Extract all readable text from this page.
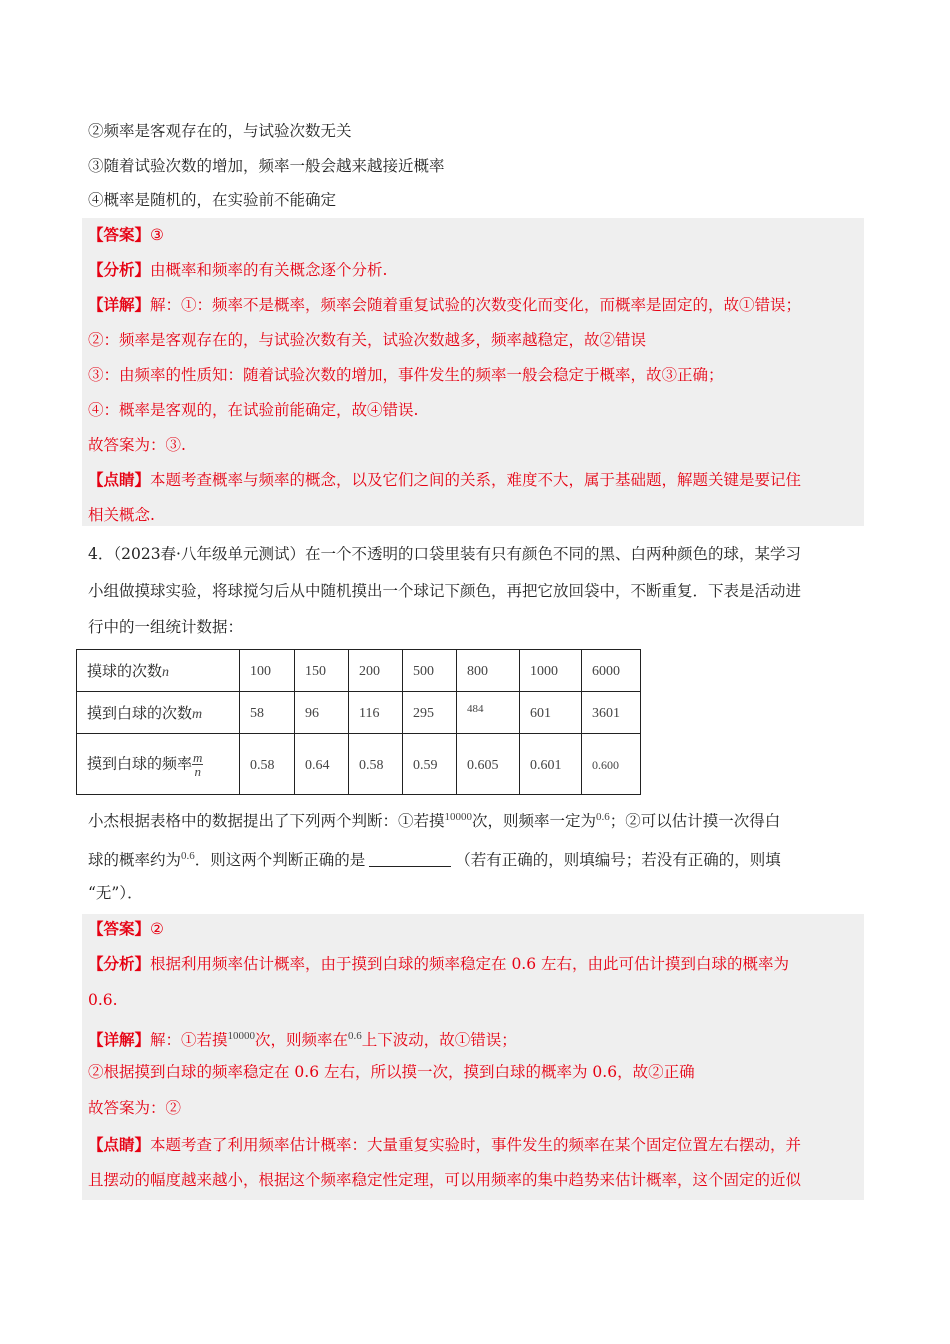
②频率是客观存在的，与试验次数无关
③随着试验次数的增加，频率一般会越来越接近概率
④概率是随机的，在实验前不能确定
【答案】③
【分析】由概率和频率的有关概念逐个分析.
【详解】解：①：频率不是概率，频率会随着重复试验的次数变化而变化，而概率是固定的，故①错误；
②：频率是客观存在的，与试验次数有关，试验次数越多，频率越稳定，故②错误
③：由频率的性质知：随着试验次数的增加，事件发生的频率一般会稳定于概率，故③正确；
④：概率是客观的，在试验前能确定，故④错误.
故答案为：③.
【点睛】本题考查概率与频率的概念，以及它们之间的关系，难度不大，属于基础题，解题关键是要记住
相关概念.
4．（2023春·八年级单元测试）在一个不透明的口袋里装有只有颜色不同的黑、白两种颜色的球，某学习
小组做摸球实验，将球搅匀后从中随机摸出一个球记下颜色，再把它放回袋中，不断重复．下表是活动进
行中的一组统计数据：
摸球的次数n	100	150	200	500	800	1000	6000
摸到白球的次数m	58	96	116	295	$^{484}$	601	3601
摸到白球的频率 $\frac{m}{n}$	0.58	0.64	0.58	0.59	0.605	0.601	0.600
小杰根据表格中的数据提出了下列两个判断：①若摸$^{10000}$次，则频率一定为$^{0.6}$；②可以估计摸一次得白
球的概率约为$^{0.6}$．则这两个判断正确的是	（若有正确的，则填编号；若没有正确的，则填
“无”）．
【答案】②
【分析】根据利用频率估计概率，由于摸到白球的频率稳定在 0.6 左右，由此可估计摸到白球的概率为
0.6.
【详解】解：①若摸$^{10000}$次，则频率在$^{0.6}$上下波动，故①错误；
②根据摸到白球的频率稳定在 0.6 左右，所以摸一次，摸到白球的概率为 0.6，故②正确
故答案为：②
【点睛】本题考查了利用频率估计概率：大量重复实验时，事件发生的频率在某个固定位置左右摆动，并
且摆动的幅度越来越小，根据这个频率稳定性定理，可以用频率的集中趋势来估计概率，这个固定的近似
